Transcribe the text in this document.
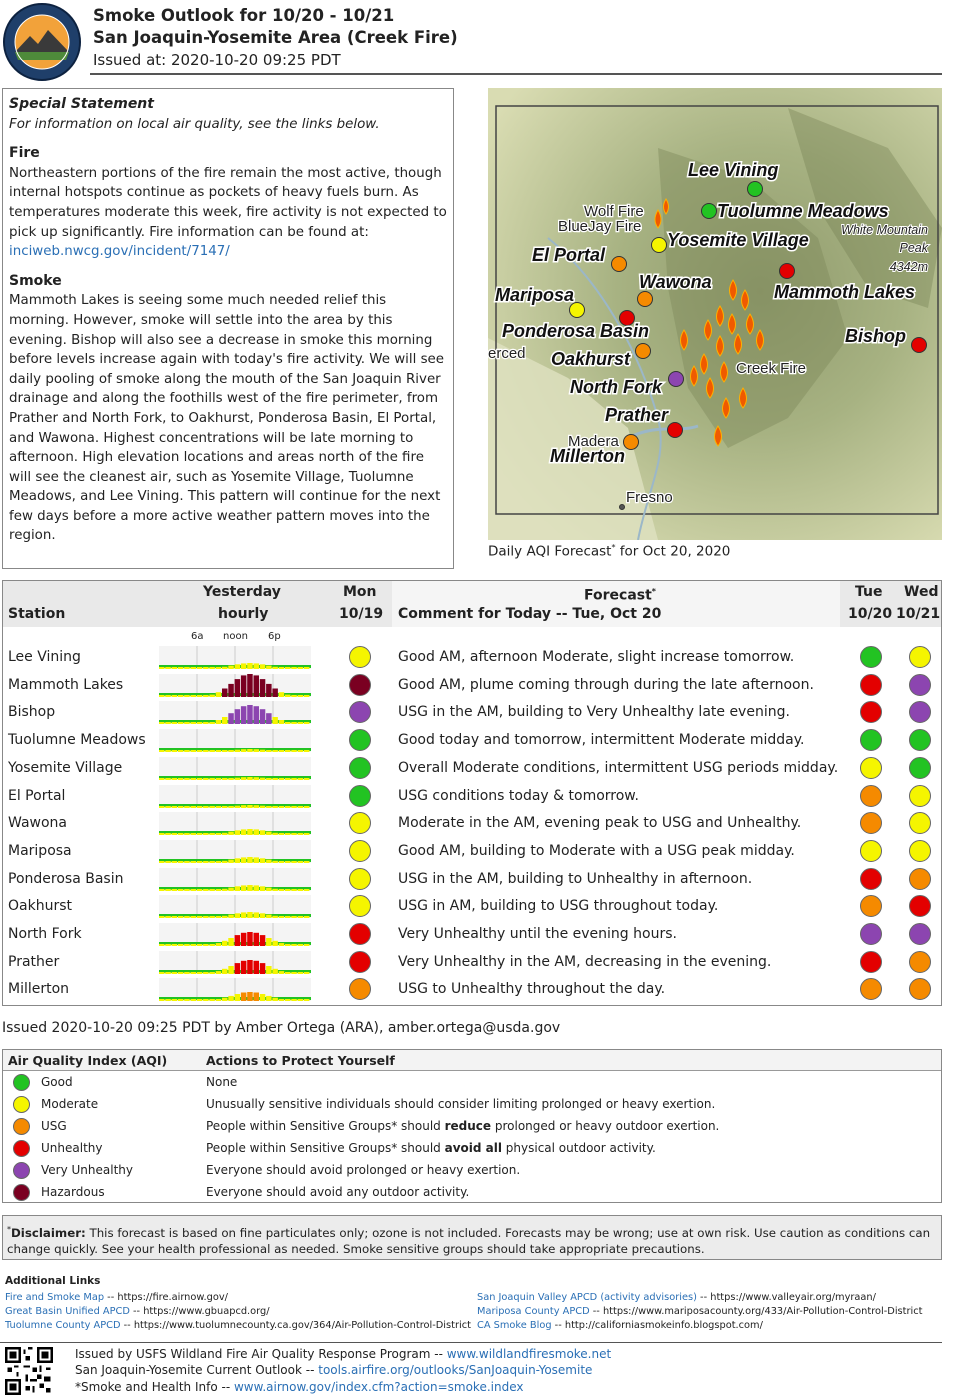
Smoke Outlook for 10/20 - 10/21
San Joaquin-Yosemite Area (Creek Fire)
Issued at: 2020-10-20 09:25 PDT
Special Statement
For information on local air quality, see the links below.
Fire
Northeastern portions of the fire remain the most active, though internal hotspots continue as pockets of heavy fuels burn. As temperatures moderate this week, fire activity is not expected to pick up significantly. Fire information can be found at: inciweb.nwcg.gov/incident/7147/
Smoke
Mammoth Lakes is seeing some much needed relief this morning. However, smoke will settle into the area by this evening. Bishop will also see a decrease in smoke this morning before levels increase again with today's fire activity. We will see daily pooling of smoke along the mouth of the San Joaquin River drainage and along the foothills west of the fire perimeter, from Prather and North Fork, to Oakhurst, Ponderosa Basin, El Portal, and Wawona. Highest concentrations will be late morning to afternoon. High elevation locations and areas north of the fire will see the cleanest air, such as Yosemite Village, Tuolumne Meadows, and Lee Vining. This pattern will continue for the next few days before a more active weather pattern moves into the region.
Lee Vining
Tuolumne Meadows
Yosemite Village
El Portal
Wawona	Mammoth Lakes
Mariposa
Ponderosa Basin	Bishop
Oakhurst
North Fork
Prather
Millerton
Wolf Fire
BlueJay Fire
Creek Fire
erced
Madera
Fresno
White Mountain
Peak
4342m
Daily AQI Forecast* for Oct 20, 2020
Station
Yesterday
hourly
Mon
10/19
Forecast*
Comment for Today -- Tue, Oct 20
Tue
10/20
Wed
10/21
6a noon 6p
Lee Vining	Good AM, afternoon Moderate, slight increase tomorrow.
Mammoth Lakes	Good AM, plume coming through during the late afternoon.
Bishop	USG in the AM, building to Very Unhealthy late evening.
Tuolumne Meadows	Good today and tomorrow, intermittent Moderate midday.
Yosemite Village	Overall Moderate conditions, intermittent USG periods midday.
El Portal	USG conditions today & tomorrow.
Wawona	Moderate in the AM, evening peak to USG and Unhealthy.
Mariposa	Good AM, building to Moderate with a USG peak midday.
Ponderosa Basin	USG in the AM, building to Unhealthy in afternoon.
Oakhurst	USG in AM, building to USG throughout today.
North Fork	Very Unhealthy until the evening hours.
Prather	Very Unhealthy in the AM, decreasing in the evening.
Millerton	USG to Unhealthy throughout the day.
Issued 2020-10-20 09:25 PDT by Amber Ortega (ARA), amber.ortega@usda.gov
Air Quality Index (AQI)	Actions to Protect Yourself
Good	None
Moderate	Unusually sensitive individuals should consider limiting prolonged or heavy exertion.
USG	People within Sensitive Groups* should reduce prolonged or heavy outdoor exertion.
Unhealthy	People within Sensitive Groups* should avoid all physical outdoor activity.
Very Unhealthy	Everyone should avoid prolonged or heavy exertion.
Hazardous	Everyone should avoid any outdoor activity.
*Disclaimer: This forecast is based on fine particulates only; ozone is not included. Forecasts may be wrong; use at own risk. Use caution as conditions can change quickly. See your health professional as needed. Smoke sensitive groups should take appropriate precautions.
Additional Links
Fire and Smoke Map -- https://fire.airnow.gov/
Great Basin Unified APCD -- https://www.gbuapcd.org/
Tuolumne County APCD -- https://www.tuolumnecounty.ca.gov/364/Air-Pollution-Control-District
San Joaquin Valley APCD (activity advisories) -- https://www.valleyair.org/myraan/
Mariposa County APCD -- https://www.mariposacounty.org/433/Air-Pollution-Control-District
CA Smoke Blog -- http://californiasmokeinfo.blogspot.com/
Issued by USFS Wildland Fire Air Quality Response Program -- www.wildlandfiresmoke.net
San Joaquin-Yosemite Current Outlook -- tools.airfire.org/outlooks/SanJoaquin-Yosemite
*Smoke and Health Info -- www.airnow.gov/index.cfm?action=smoke.index
